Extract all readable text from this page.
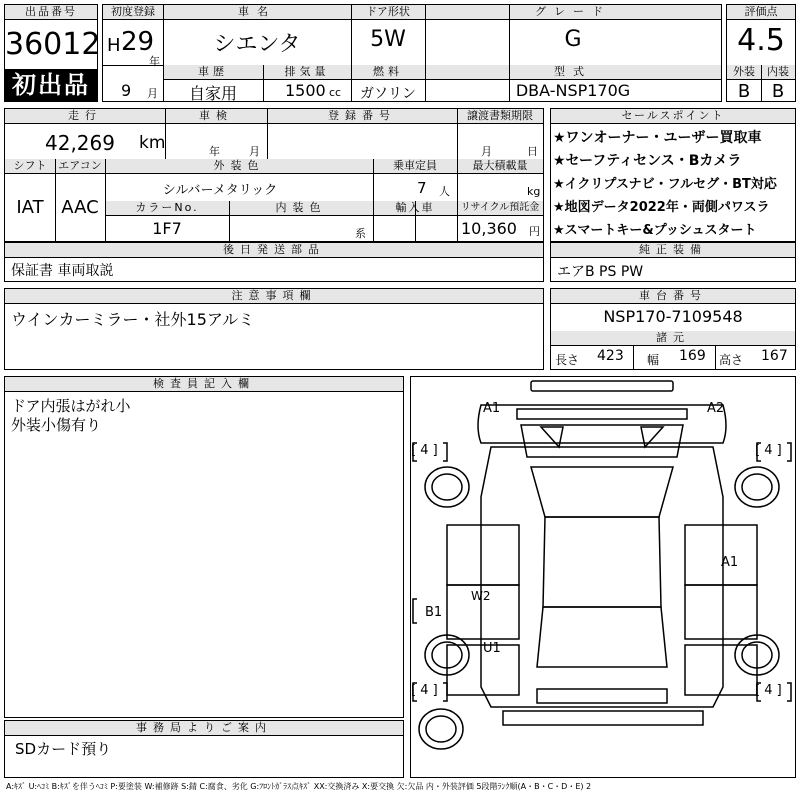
出品番号
36012
初出品
初度登録
H 29
年
9 月
車名
シエンタ
ドア形状
5W
グレード
G
車歴
自家用
排気量
1500 cc
燃料
ガソリン
型式
DBA-NSP170G
評価点
4.5
外装	内装
B	B
走行
42,269 km
車検
年	月
登録番号	譲渡書類期限
月	日
シフト
IAT
エアコン
AAC
外装色
シルバーメタリック
乗車定員
7 人
最大積載量
kg
カラーNo.
1F7
内装色
系
輸入車	リサイクル預託金
10,360 円
セールスポイント
★ワンオーナー・ユーザー買取車
★セーフティセンス・Bカメラ
★イクリプスナビ・フルセグ・BT対応
★地図データ2022年・両側パワスラ
★スマートキー&プッシュスタート
後日発送部品
保証書 車両取説
純正装備
エアB PS PW
注意事項欄
ウインカーミラー・社外15アルミ
車台番号
NSP170-7109548
諸元
長さ 423 幅 169 高さ 167
検査員記入欄
ドア内張はがれ小
外装小傷有り
事務局よりご案内
SDカード預り
A1	A2
A1
W2
B1
U1
[ 4 ]	[ 4 ]
[ 4 ]	[ 4 ]
A:ｷｽﾞ U:ﾍｺﾐ B:ｷｽﾞを伴うﾍｺﾐ P:要塗装 W:補修跡 S:錆 C:腐食、劣化 G:ﾌﾛﾝﾄｶﾞﾗｽ点ｷｽﾞ XX:交換済み X:要交換 欠:欠品 内・外装評価 5段階ﾗﾝｸ順(A・B・C・D・E) 2
